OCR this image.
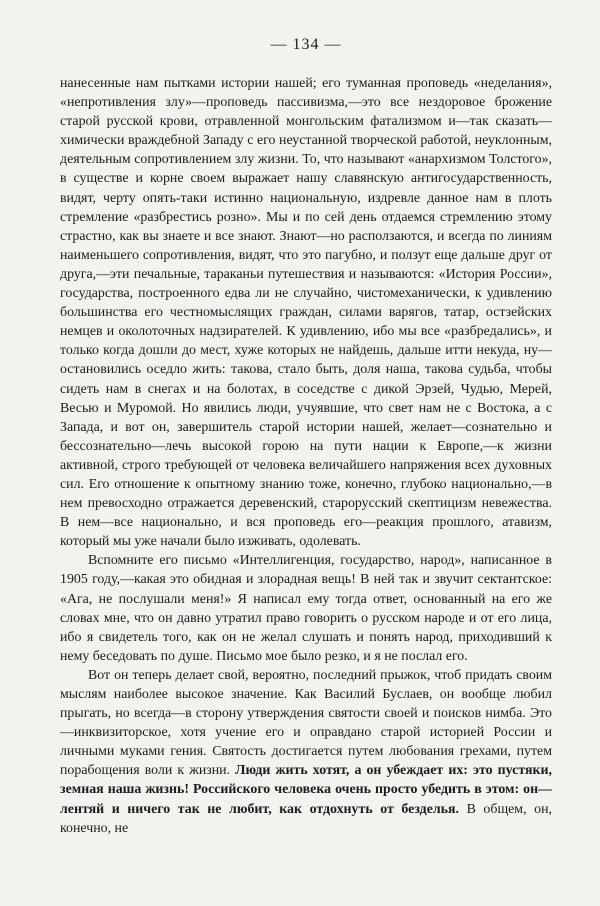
— 134 —

нанесенные нам пытками истории нашей; его туманная проповедь «неделания», «непротивления злу»—проповедь пассивизма,—это все нездоровое брожение старой русской крови, отравленной монгольским фатализмом и—так сказать—химически враждебной Западу с его неустанной творческой работой, неуклонным, деятельным сопротивлением злу жизни. То, что называют «анархизмом Толстого», в существе и корне своем выражает нашу славянскую антигосударственность, видят, черту опять-таки истинно национальную, издревле данное нам в плоть стремление «разбрестись розно». Мы и по сей день отдаемся стремлению этому страстно, как вы знаете и все знают. Знают—но расползаются, и всегда по линиям наименьшего сопротивления, видят, что это пагубно, и ползут еще дальше друг от друга,—эти печальные, тараканьи путешествия и называются: «История России», государства, построенного едва ли не случайно, чистомеханически, к удивлению большинства его честномыслящих граждан, силами варягов, татар, остзейских немцев и околоточных надзирателей. К удивлению, ибо мы все «разбредались», и только когда дошли до мест, хуже которых не найдешь, дальше итти некуда, ну—остановились оседло жить: такова, стало быть, доля наша, такова судьба, чтобы сидеть нам в снегах и на болотах, в соседстве с дикой Эрзей, Чудью, Мерей, Весью и Муромой. Но явились люди, учуявшие, что свет нам не с Востока, а с Запада, и вот он, завершитель старой истории нашей, желает—сознательно и бессознательно—лечь высокой горою на пути нации к Европе,—к жизни активной, строго требующей от человека величайшего напряжения всех духовных сил. Его отношение к опытному знанию тоже, конечно, глубоко национально,—в нем превосходно отражается деревенский, старорусский скептицизм невежества. В нем—все национально, и вся проповедь его—реакция прошлого, атавизм, который мы уже начали было изживать, одолевать.

Вспомните его письмо «Интеллигенция, государство, народ», написанное в 1905 году,—какая это обидная и злорадная вещь! В ней так и звучит сектантское: «Ага, не послушали меня!» Я написал ему тогда ответ, основанный на его же словах мне, что он давно утратил право говорить о русском народе и от его лица, ибо я свидетель того, как он не желал слушать и понять народ, приходивший к нему беседовать по душе. Письмо мое было резко, и я не послал его.

Вот он теперь делает свой, вероятно, последний прыжок, чтоб придать своим мыслям наиболее высокое значение. Как Василий Буслаев, он вообще любил прыгать, но всегда—в сторону утверждения святости своей и поисков нимба. Это—инквизиторское, хотя учение его и оправдано старой историей России и личными муками гения. Святость достигается путем любования грехами, путем порабощения воли к жизни. Люди жить хотят, а он убеждает их: это пустяки, земная наша жизнь! Российского человека очень просто убедить в этом: он—лентяй и ничего так не любит, как отдохнуть от безделья. В общем, он, конечно, не
